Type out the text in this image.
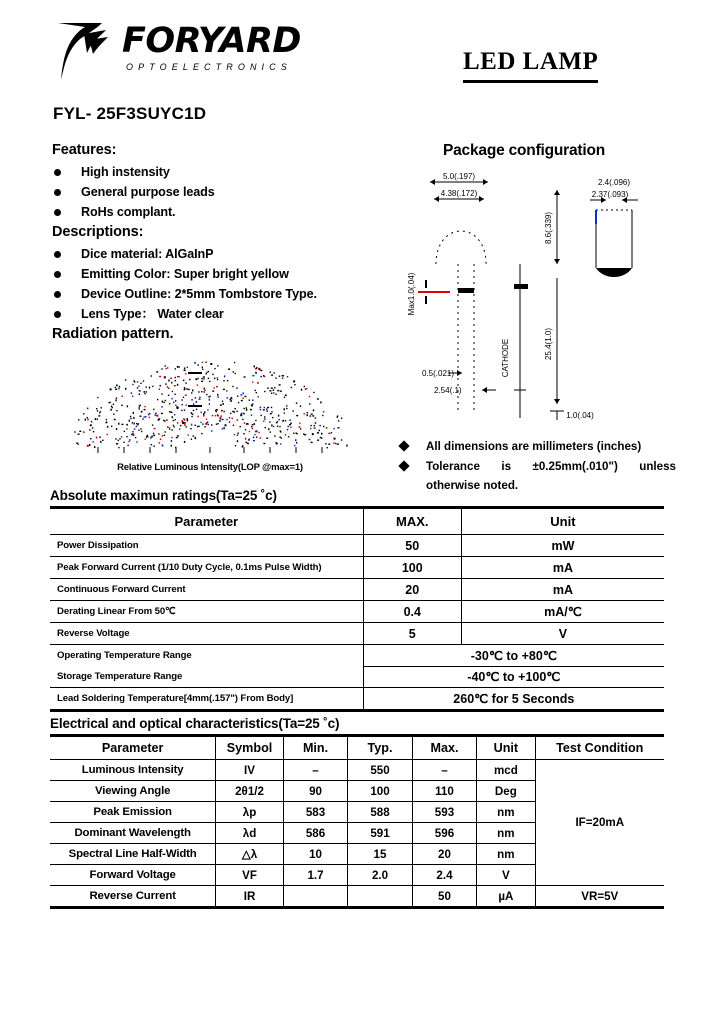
FORYARD
OPTOELECTRONICS	LED LAMP
FYL- 25F3SUYC1D

Features:

High instensity
General purpose leads
RoHs complant.

Descriptions:

Dice material: AlGaInP
Emitting Color: Super bright yellow
Device Outline: 2*5mm Tombstore Type.
Lens Type： Water clear

Radiation pattern.

Relative Luminous Intensity(LOP @max=1)
Package configuration
5.0(.197)
4.38(.172)
2.4(.096)
2.37(.093)
8.6(.339)
25.4(1.0)
Max1.0(.04)
0.5(.021)
2.54(.1)
1.0(.04)
CATHODE
All dimensions are millimeters (inches)
Tolerance is ±0.25mm(.010") unless otherwise noted.
Absolute maximun ratings(Ta=25 ˚c)
Parameter	MAX.	Unit
Power Dissipation	50	mW
Peak Forward Current (1/10 Duty Cycle, 0.1ms Pulse Width)	100	mA
Continuous Forward Current	20	mA
Derating Linear From 50℃	0.4	mA/℃
Reverse Voltage	5	V
Operating Temperature Range	-30℃ to +80℃	
Storage Temperature Range	-40℃ to +100℃	
Lead Soldering Temperature[4mm(.157") From Body]	260℃ for 5 Seconds	
Electrical and optical characteristics(Ta=25 ˚c)
Parameter	Symbol	Min.	Typ.	Max.	Unit	Test Condition
Luminous Intensity	IV	–	550	–	mcd	IF=20mA
Viewing Angle	2θ1/2	90	100	110	Deg	
Peak Emission	λp	583	588	593	nm	
Dominant Wavelength	λd	586	591	596	nm	
Spectral Line Half-Width	△λ	10	15	20	nm	
Forward Voltage	VF	1.7	2.0	2.4	V	
Reverse Current	IR			50	µA	VR=5V
